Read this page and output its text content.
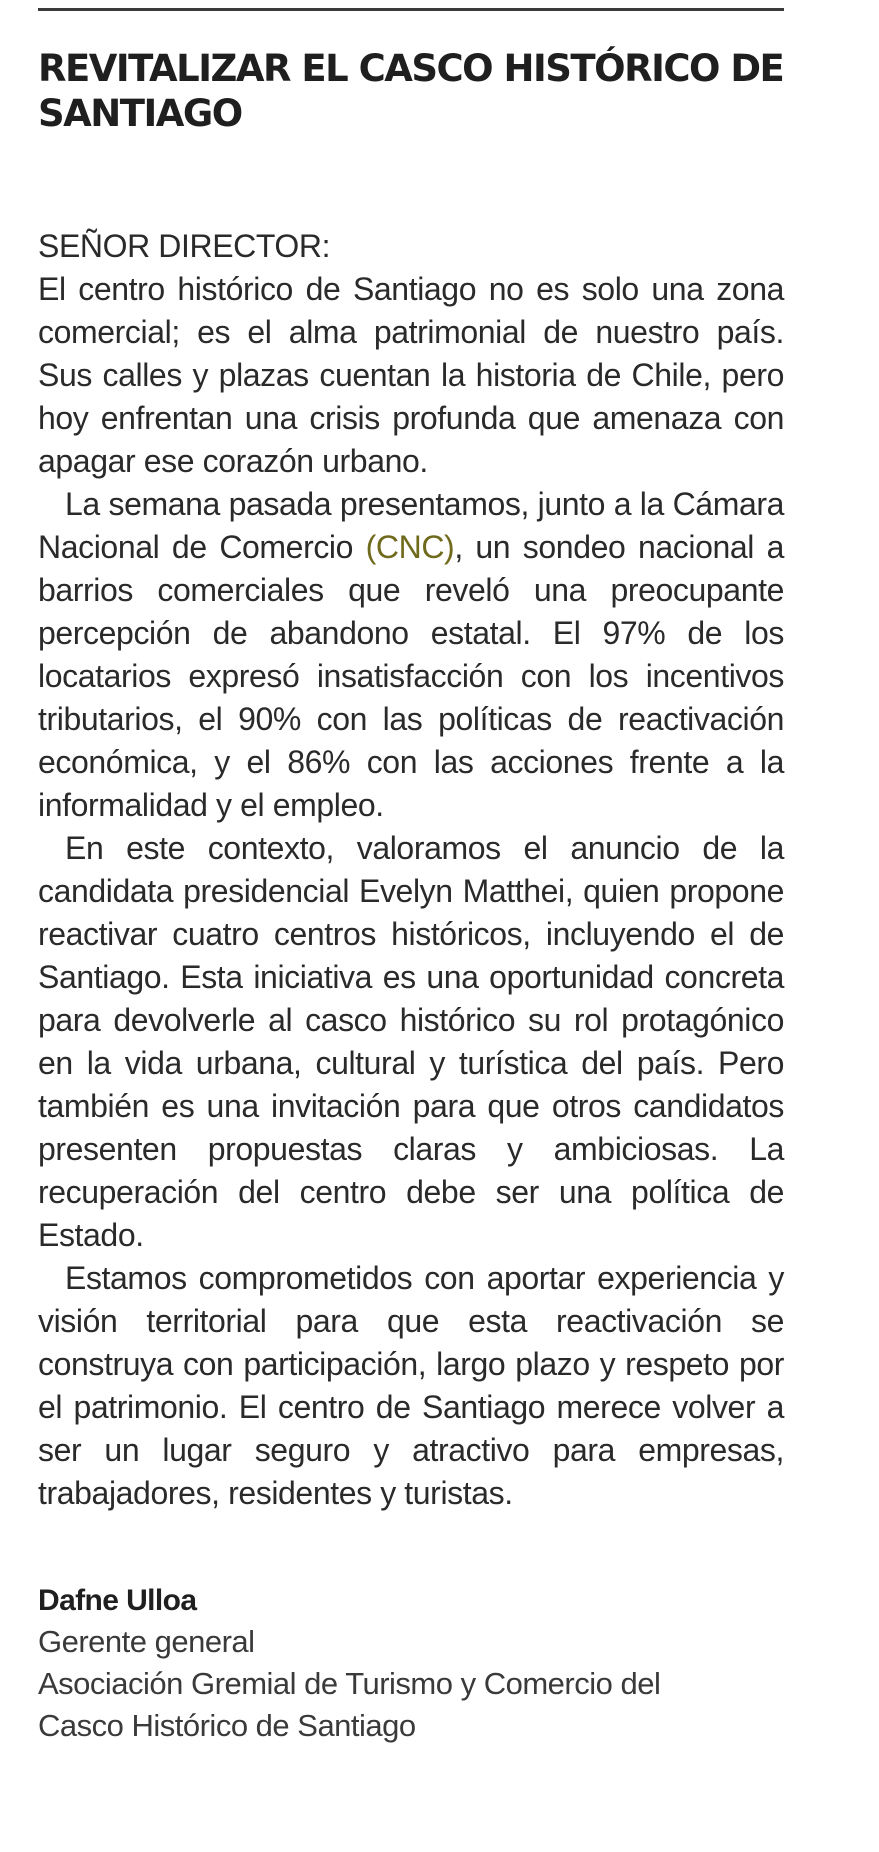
REVITALIZAR EL CASCO HISTÓRICO DE SANTIAGO

SEÑOR DIRECTOR:

El centro histórico de Santiago no es solo una zona comercial; es el alma patrimonial de nuestro país. Sus calles y plazas cuentan la historia de Chile, pero hoy enfrentan una crisis profunda que amenaza con apagar ese corazón urbano.

La semana pasada presentamos, junto a la Cámara Nacional de Comercio (CNC), un sondeo nacional a barrios comerciales que reveló una preocupante percepción de abandono estatal. El 97% de los locatarios expresó insatisfacción con los incentivos tributarios, el 90% con las políticas de reactivación económica, y el 86% con las acciones frente a la informalidad y el empleo.

En este contexto, valoramos el anuncio de la candidata presidencial Evelyn Matthei, quien propone reactivar cuatro centros históricos, incluyendo el de Santiago. Esta iniciativa es una oportunidad concreta para devolverle al casco histórico su rol protagónico en la vida urbana, cultural y turística del país. Pero también es una invitación para que otros candidatos presenten propuestas claras y ambiciosas. La recuperación del centro debe ser una política de Estado.

Estamos comprometidos con aportar experiencia y visión territorial para que esta reactivación se construya con participación, largo plazo y respeto por el patrimonio. El centro de Santiago merece volver a ser un lugar seguro y atractivo para empresas, trabajadores, residentes y turistas.

Dafne Ulloa
Gerente general
Asociación Gremial de Turismo y Comercio del
Casco Histórico de Santiago
